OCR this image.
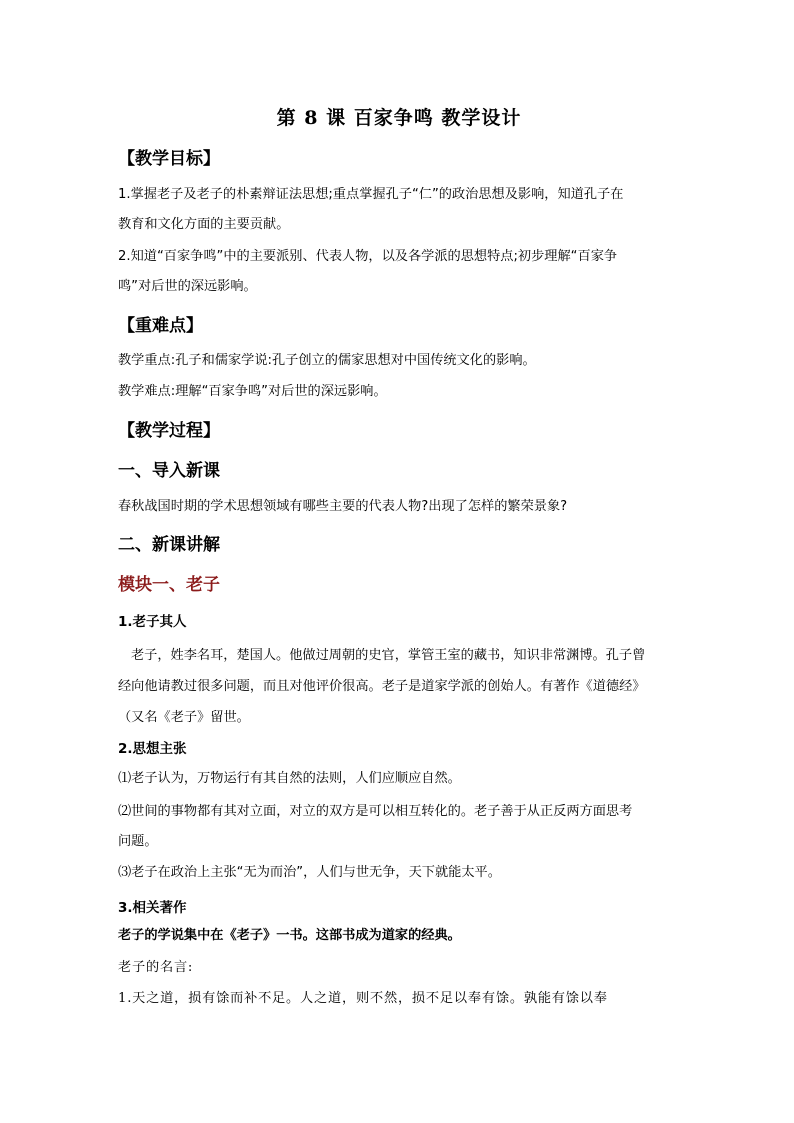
第 8 课 百家争鸣 教学设计
【教学目标】
1.掌握老子及老子的朴素辩证法思想;重点掌握孔子“仁”的政治思想及影响，知道孔子在
教育和文化方面的主要贡献。
2.知道“百家争鸣”中的主要派别、代表人物，以及各学派的思想特点;初步理解“百家争
鸣”对后世的深远影响。
【重难点】
教学重点:孔子和儒家学说:孔子创立的儒家思想对中国传统文化的影响。
教学难点:理解“百家争鸣”对后世的深远影响。
【教学过程】
一、导入新课
春秋战国时期的学术思想领域有哪些主要的代表人物?出现了怎样的繁荣景象?
二、新课讲解
模块一、老子
1.老子其人
老子，姓李名耳，楚国人。他做过周朝的史官，掌管王室的藏书，知识非常渊博。孔子曾
经向他请教过很多问题，而且对他评价很高。老子是道家学派的创始人。有著作《道德经》
（又名《老子》留世。
2.思想主张
⑴老子认为，万物运行有其自然的法则，人们应顺应自然。
⑵世间的事物都有其对立面，对立的双方是可以相互转化的。老子善于从正反两方面思考
问题。
⑶老子在政治上主张“无为而治”，人们与世无争，天下就能太平。
3.相关著作
老子的学说集中在《老子》一书。这部书成为道家的经典。
老子的名言:
1.天之道，损有馀而补不足。人之道，则不然，损不足以奉有馀。孰能有馀以奉
